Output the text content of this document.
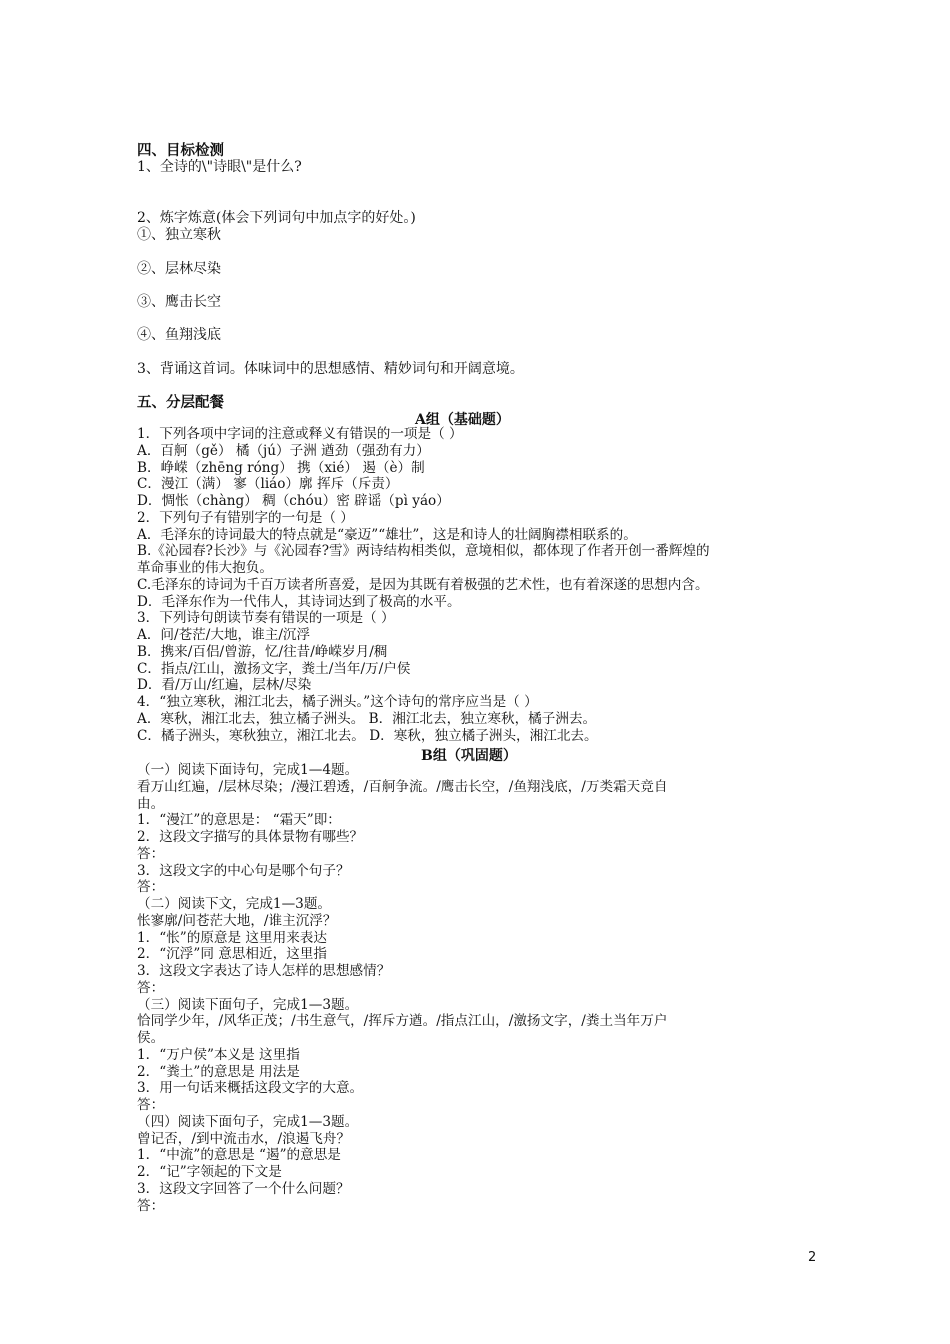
四、目标检测
1、全诗的\"诗眼\"是什么?
2、炼字炼意(体会下列词句中加点字的好处。)
①、独立寒秋
②、层林尽染
③、鹰击长空
④、鱼翔浅底
3、背诵这首词。体味词中的思想感情、精妙词句和开阔意境。
五、分层配餐
A组（基础题）
1．下列各项中字词的注意或释义有错误的一项是（ ）
A．百舸（gě） 橘（jú）子洲 遒劲（强劲有力）
B．峥嵘（zhēng róng） 携（xié） 遏（è）制
C．漫江（满） 寥（liáo）廓 挥斥（斥责）
D．惆怅（chàng） 稠（chóu）密 辟谣（pì yáo）
2．下列句子有错别字的一句是（ ）
A．毛泽东的诗词最大的特点就是“豪迈”“雄壮”，这是和诗人的壮阔胸襟相联系的。
B.《沁园春?长沙》与《沁园春?雪》两诗结构相类似，意境相似，都体现了作者开创一番辉煌的
革命事业的伟大抱负。
C.毛泽东的诗词为千百万读者所喜爱，是因为其既有着极强的艺术性，也有着深遂的思想内含。
D．毛泽东作为一代伟人，其诗词达到了极高的水平。
3．下列诗句朗读节奏有错误的一项是（ ）
A．问/苍茫/大地，谁主/沉浮
B．携来/百侣/曾游，忆/往昔/峥嵘岁月/稠
C．指点/江山，激扬文字，粪土/当年/万/户侯
D．看/万山/红遍，层林/尽染
4．“独立寒秋，湘江北去，橘子洲头。”这个诗句的常序应当是（ ）
A．寒秋，湘江北去，独立橘子洲头。 B．湘江北去，独立寒秋，橘子洲去。
C．橘子洲头，寒秋独立，湘江北去。 D．寒秋，独立橘子洲头，湘江北去。
B组（巩固题）
（一）阅读下面诗句，完成1—4题。
看万山红遍，/层林尽染；/漫江碧透，/百舸争流。/鹰击长空，/鱼翔浅底，/万类霜天竞自
由。
1．“漫江”的意思是： “霜天”即：
2．这段文字描写的具体景物有哪些？
答：
3．这段文字的中心句是哪个句子？
答：
（二）阅读下文，完成1—3题。
怅寥廓/问苍茫大地，/谁主沉浮？
1．“怅”的原意是 这里用来表达
2．“沉浮”同 意思相近，这里指
3．这段文字表达了诗人怎样的思想感情？
答：
（三）阅读下面句子，完成1—3题。
恰同学少年，/风华正茂；/书生意气，/挥斥方遒。/指点江山，/激扬文字，/粪土当年万户
侯。
1．“万户侯”本义是 这里指
2．“粪土”的意思是 用法是
3．用一句话来概括这段文字的大意。
答：
（四）阅读下面句子，完成1—3题。
曾记否，/到中流击水，/浪遏飞舟？
1．“中流”的意思是 “遏”的意思是
2．“记”字领起的下文是
3．这段文字回答了一个什么问题？
答：
2
